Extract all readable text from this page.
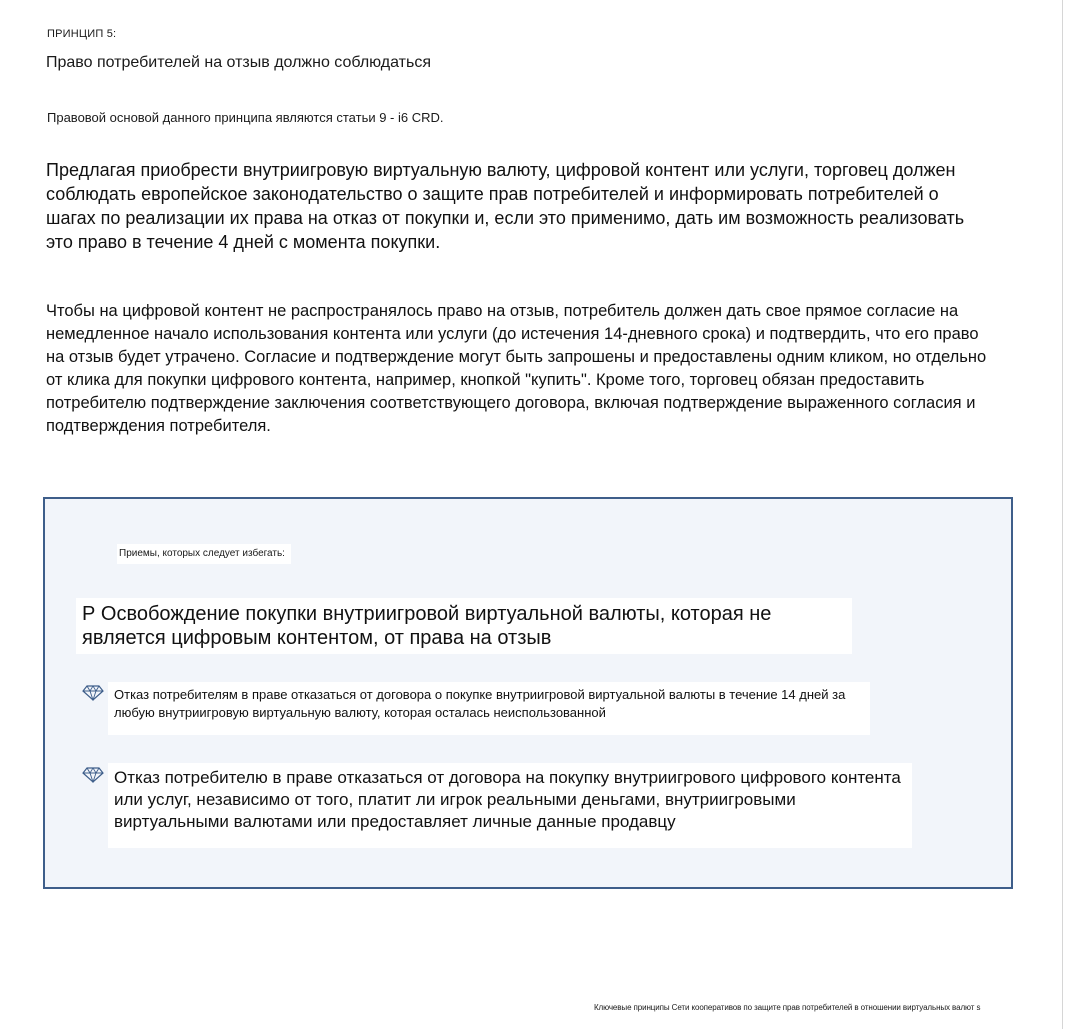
ПРИНЦИП 5:
Право потребителей на отзыв должно соблюдаться
Правовой основой данного принципа являются статьи 9 - i6 CRD.
Предлагая приобрести внутриигровую виртуальную валюту, цифровой контент или услуги, торговец должен соблюдать европейское законодательство о защите прав потребителей и информировать потребителей о шагах по реализации их права на отказ от покупки и, если это применимо, дать им возможность реализовать это право в течение 4 дней с момента покупки.
Чтобы на цифровой контент не распространялось право на отзыв, потребитель должен дать свое прямое согласие на немедленное начало использования контента или услуги (до истечения 14-дневного срока) и подтвердить, что его право на отзыв будет утрачено. Согласие и подтверждение могут быть запрошены и предоставлены одним кликом, но отдельно от клика для покупки цифрового контента, например, кнопкой "купить". Кроме того, торговец обязан предоставить потребителю подтверждение заключения соответствующего договора, включая подтверждение выраженного согласия и подтверждения потребителя.
Приемы, которых следует избегать:
Р Освобождение покупки внутриигровой виртуальной валюты, которая не является цифровым контентом, от права на отзыв
Отказ потребителям в праве отказаться от договора о покупке внутриигровой виртуальной валюты в течение 14 дней за любую внутриигровую виртуальную валюту, которая осталась неиспользованной
Отказ потребителю в праве отказаться от договора на покупку внутриигрового цифрового контента или услуг, независимо от того, платит ли игрок реальными деньгами, внутриигровыми виртуальными валютами или предоставляет личные данные продавцу
Ключевые принципы Сети кооперативов по защите прав потребителей в отношении виртуальных валют s
